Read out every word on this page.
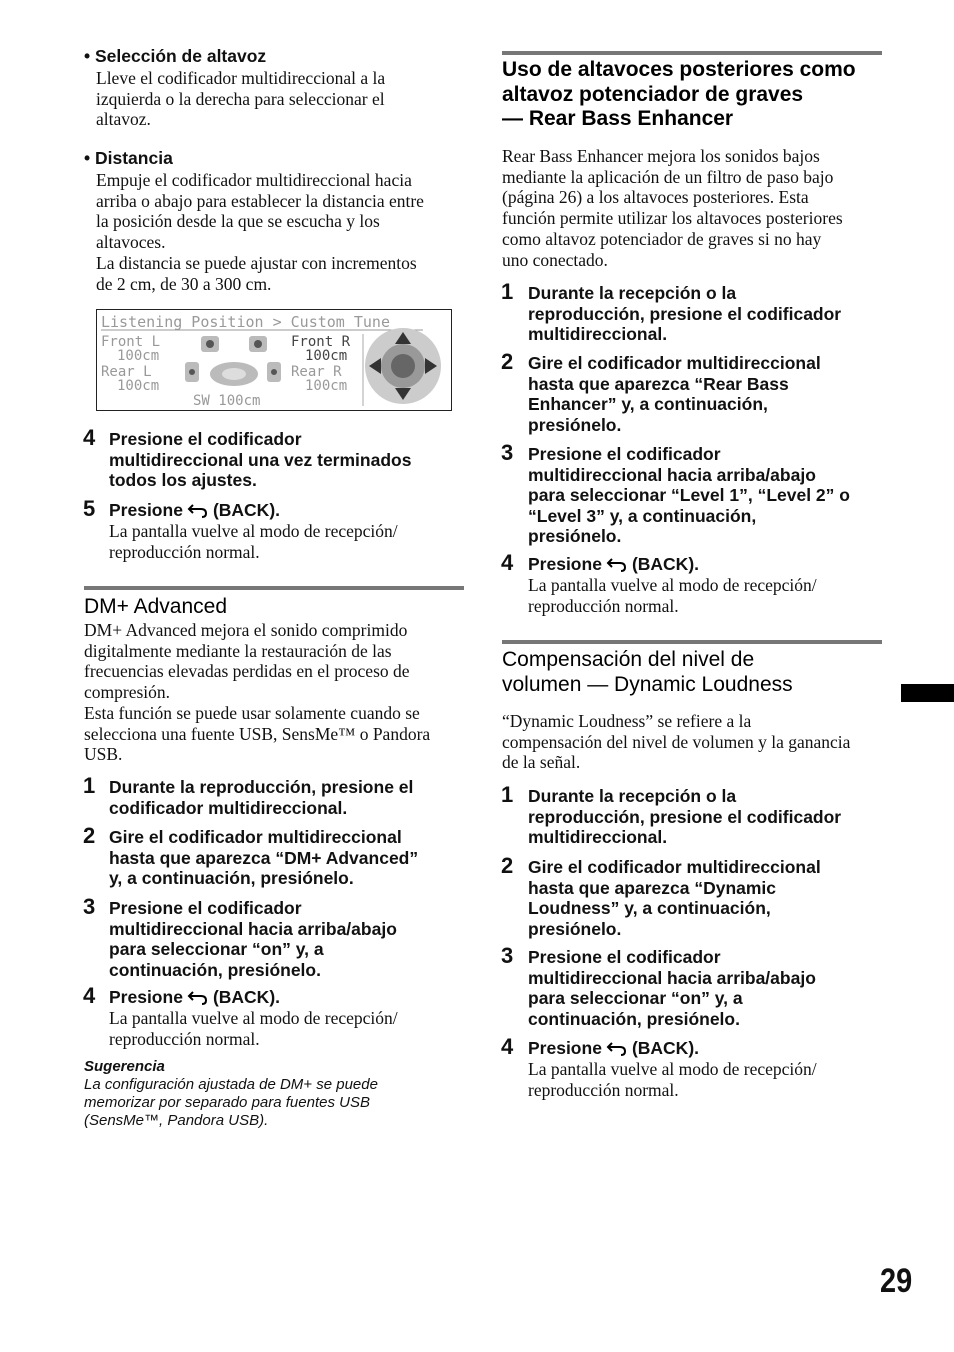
• Selección de altavoz
Lleve el codificador multidireccional a la
izquierda o la derecha para seleccionar el
altavoz.
• Distancia
Empuje el codificador multidireccional hacia
arriba o abajo para establecer la distancia entre
la posición desde la que se escucha y los
altavoces.
La distancia se puede ajustar con incrementos
de 2 cm, de 30 a 300 cm.
Listening Position > Custom Tune
Front L
100cm
Rear L
100cm
Front R
100cm
Rear R
100cm
SW 100cm
4 Presione el codificador
multidireccional una vez terminados
todos los ajustes.
5 Presione (BACK).
La pantalla vuelve al modo de recepción/
reproducción normal.
DM+ Advanced
DM+ Advanced mejora el sonido comprimido
digitalmente mediante la restauración de las
frecuencias elevadas perdidas en el proceso de
compresión.
Esta función se puede usar solamente cuando se
selecciona una fuente USB, SensMe™ o Pandora
USB.
1 Durante la reproducción, presione el
codificador multidireccional.
2 Gire el codificador multidireccional
hasta que aparezca “DM+ Advanced”
y, a continuación, presiónelo.
3 Presione el codificador
multidireccional hacia arriba/abajo
para seleccionar “on” y, a
continuación, presiónelo.
4 Presione (BACK).
La pantalla vuelve al modo de recepción/
reproducción normal.
Sugerencia
La configuración ajustada de DM+ se puede
memorizar por separado para fuentes USB
(SensMe™, Pandora USB).
Uso de altavoces posteriores como
altavoz potenciador de graves
— Rear Bass Enhancer
Rear Bass Enhancer mejora los sonidos bajos
mediante la aplicación de un filtro de paso bajo
(página 26) a los altavoces posteriores. Esta
función permite utilizar los altavoces posteriores
como altavoz potenciador de graves si no hay
uno conectado.
1 Durante la recepción o la
reproducción, presione el codificador
multidireccional.
2 Gire el codificador multidireccional
hasta que aparezca “Rear Bass
Enhancer” y, a continuación,
presiónelo.
3 Presione el codificador
multidireccional hacia arriba/abajo
para seleccionar “Level 1”, “Level 2” o
“Level 3” y, a continuación,
presiónelo.
4 Presione (BACK).
La pantalla vuelve al modo de recepción/
reproducción normal.
Compensación del nivel de
volumen — Dynamic Loudness
“Dynamic Loudness” se refiere a la
compensación del nivel de volumen y la ganancia
de la señal.
1 Durante la recepción o la
reproducción, presione el codificador
multidireccional.
2 Gire el codificador multidireccional
hasta que aparezca “Dynamic
Loudness” y, a continuación,
presiónelo.
3 Presione el codificador
multidireccional hacia arriba/abajo
para seleccionar “on” y, a
continuación, presiónelo.
4 Presione (BACK).
La pantalla vuelve al modo de recepción/
reproducción normal.
29
